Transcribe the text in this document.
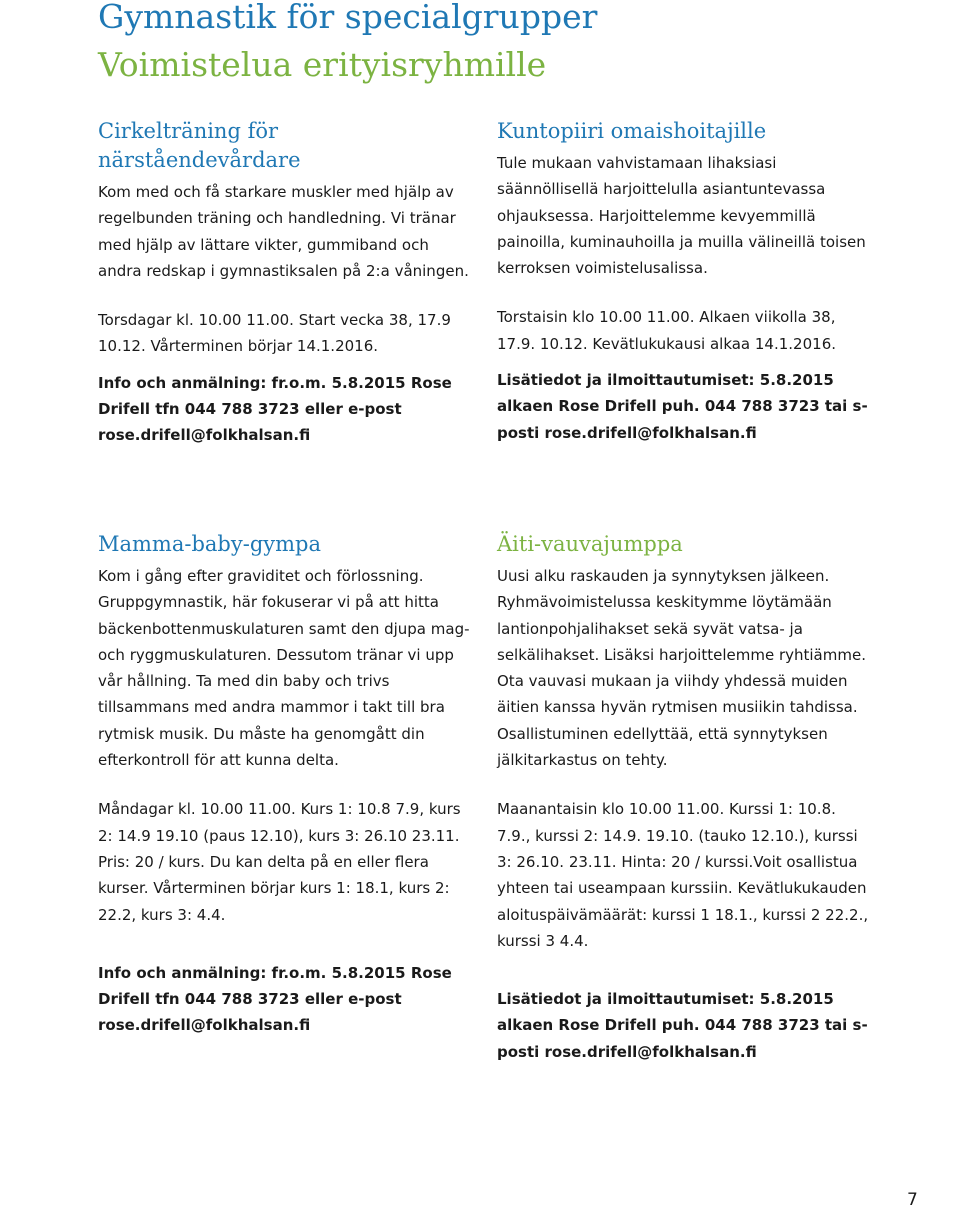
Gymnastik för specialgrupper
Voimistelua erityisryhmille
Cirkelträning för närståendevårdare

Kom med och få starkare muskler med hjälp av regelbunden träning och handledning. Vi tränar med hjälp av lättare vikter, gummiband och andra redskap i gymnastiksalen på 2:a våningen.

Torsdagar kl. 10.00 11.00. Start vecka 38, 17.9 10.12. Vårterminen börjar 14.1.2016.

Info och anmälning: fr.o.m. 5.8.2015 Rose Drifell tfn 044 788 3723 eller e-post rose.drifell@folkhalsan.fi

Mamma-baby-gympa

Kom i gång efter graviditet och förlossning. Gruppgymnastik, här fokuserar vi på att hitta bäckenbottenmuskulaturen samt den djupa mag- och ryggmuskulaturen. Dessutom tränar vi upp vår hållning. Ta med din baby och trivs tillsammans med andra mammor i takt till bra rytmisk musik. Du måste ha genomgått din efterkontroll för att kunna delta.

Måndagar kl. 10.00 11.00. Kurs 1: 10.8 7.9, kurs 2: 14.9 19.10 (paus 12.10), kurs 3: 26.10 23.11. Pris: 20 / kurs. Du kan delta på en eller flera kurser. Vårterminen börjar kurs 1: 18.1, kurs 2: 22.2, kurs 3: 4.4.

Info och anmälning: fr.o.m. 5.8.2015 Rose Drifell tfn 044 788 3723 eller e-post rose.drifell@folkhalsan.fi

Kuntopiiri omaishoitajille

Tule mukaan vahvistamaan lihaksiasi säännöllisellä harjoittelulla asiantuntevassa ohjauksessa. Harjoittelemme kevyemmillä painoilla, kuminauhoilla ja muilla välineillä toisen kerroksen voimistelusalissa.

Torstaisin klo 10.00 11.00. Alkaen viikolla 38, 17.9. 10.12. Kevätlukukausi alkaa 14.1.2016.

Lisätiedot ja ilmoittautumiset: 5.8.2015 alkaen Rose Drifell puh. 044 788 3723 tai s-posti rose.drifell@folkhalsan.fi

Äiti-vauvajumppa

Uusi alku raskauden ja synnytyksen jälkeen. Ryhmävoimistelussa keskitymme löytämään lantionpohjalihakset sekä syvät vatsa- ja selkälihakset. Lisäksi harjoittelemme ryhtiämme. Ota vauvasi mukaan ja viihdy yhdessä muiden äitien kanssa hyvän rytmisen musiikin tahdissa. Osallistuminen edellyttää, että synnytyksen jälkitarkastus on tehty.

Maanantaisin klo 10.00 11.00. Kurssi 1: 10.8. 7.9., kurssi 2: 14.9. 19.10. (tauko 12.10.), kurssi 3: 26.10. 23.11. Hinta: 20 / kurssi.Voit osallistua yhteen tai useampaan kurssiin. Kevätlukukauden aloituspäivämäärät: kurssi 1 18.1., kurssi 2 22.2., kurssi 3 4.4.

Lisätiedot ja ilmoittautumiset: 5.8.2015 alkaen Rose Drifell puh. 044 788 3723 tai s-posti rose.drifell@folkhalsan.fi

7
